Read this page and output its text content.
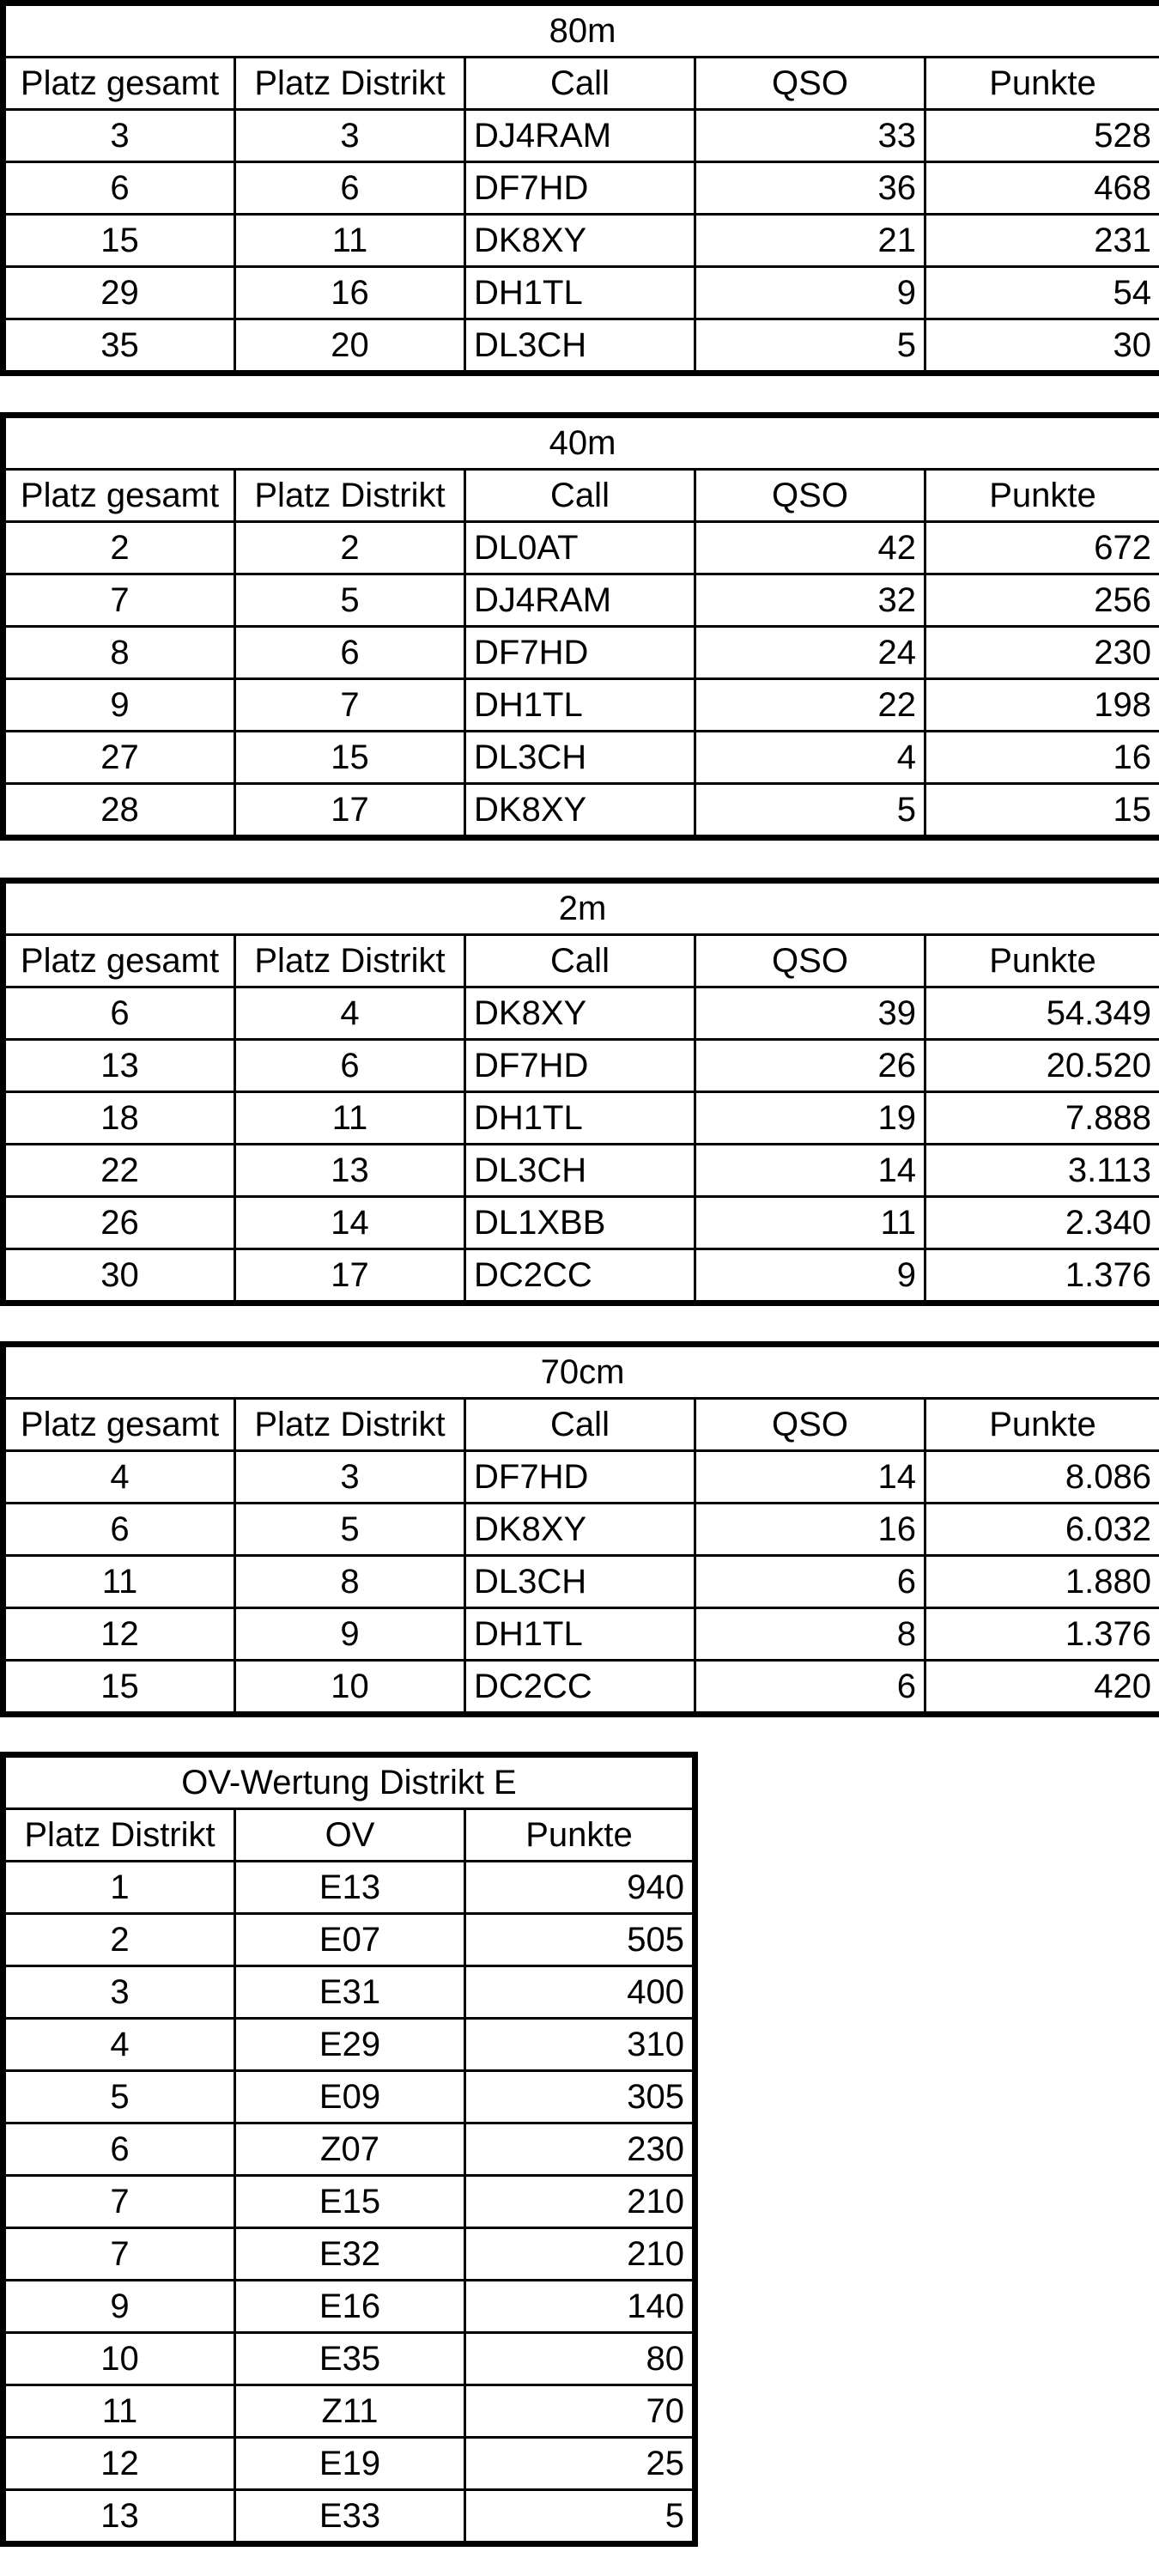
80m				
Platz gesamt	Platz Distrikt	Call	QSO	Punkte
3	3	DJ4RAM	33	528
6	6	DF7HD	36	468
15	11	DK8XY	21	231
29	16	DH1TL	9	54
35	20	DL3CH	5	30
40m				
Platz gesamt	Platz Distrikt	Call	QSO	Punkte
2	2	DL0AT	42	672
7	5	DJ4RAM	32	256
8	6	DF7HD	24	230
9	7	DH1TL	22	198
27	15	DL3CH	4	16
28	17	DK8XY	5	15
2m				
Platz gesamt	Platz Distrikt	Call	QSO	Punkte
6	4	DK8XY	39	54.349
13	6	DF7HD	26	20.520
18	11	DH1TL	19	7.888
22	13	DL3CH	14	3.113
26	14	DL1XBB	11	2.340
30	17	DC2CC	9	1.376
70cm				
Platz gesamt	Platz Distrikt	Call	QSO	Punkte
4	3	DF7HD	14	8.086
6	5	DK8XY	16	6.032
11	8	DL3CH	6	1.880
12	9	DH1TL	8	1.376
15	10	DC2CC	6	420
OV-Wertung Distrikt E		
Platz Distrikt	OV	Punkte
1	E13	940
2	E07	505
3	E31	400
4	E29	310
5	E09	305
6	Z07	230
7	E15	210
7	E32	210
9	E16	140
10	E35	80
11	Z11	70
12	E19	25
13	E33	5
